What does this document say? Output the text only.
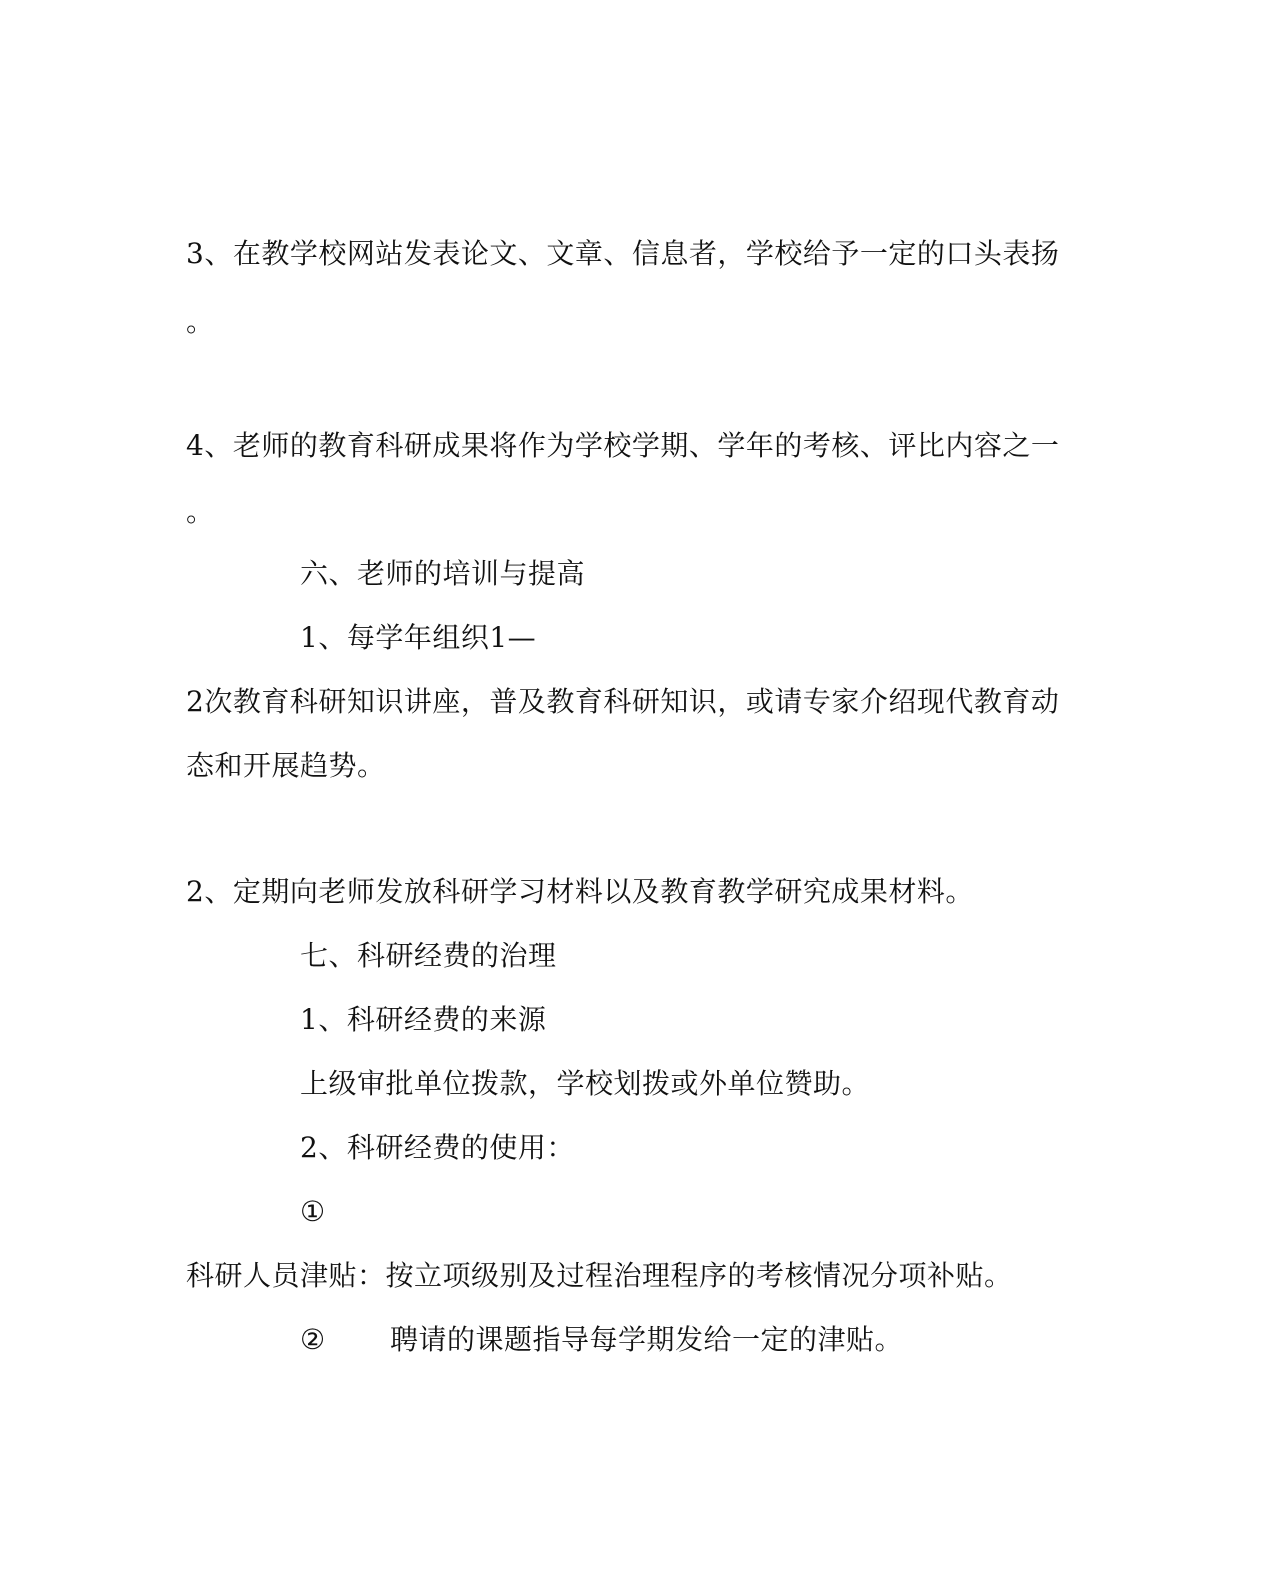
3、在教学校网站发表论文、文章、信息者，学校给予一定的口头表扬
。
4、老师的教育科研成果将作为学校学期、学年的考核、评比内容之一
。
六、老师的培训与提高
1、每学年组织1—
2次教育科研知识讲座，普及教育科研知识，或请专家介绍现代教育动
态和开展趋势。
2、定期向老师发放科研学习材料以及教育教学研究成果材料。
七、科研经费的治理
1、科研经费的来源
上级审批单位拨款，学校划拨或外单位赞助。
2、科研经费的使用：
①
科研人员津贴：按立项级别及过程治理程序的考核情况分项补贴。
② 聘请的课题指导每学期发给一定的津贴。
